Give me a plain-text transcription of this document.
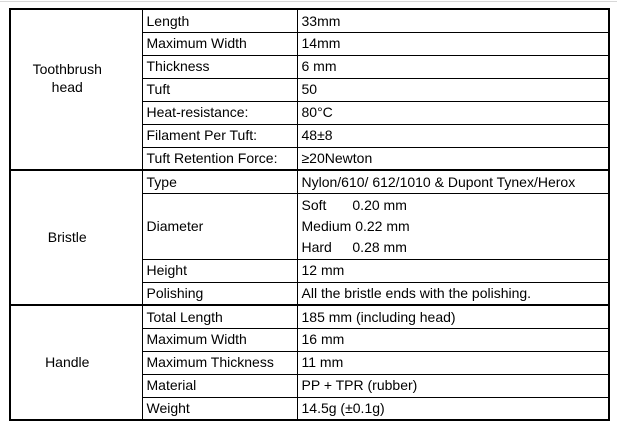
Toothbrush head	Length	33mm
	Maximum Width	14mm
	Thickness	6 mm
	Tuft	50
	Heat-resistance:	80°C
	Filament Per Tuft:	48±8
	Tuft Retention Force:	≥20Newton
Bristle	Type	Nylon/610/ 612/1010 & Dupont Tynex/Herox
	Diameter	Soft 0.20 mm
Medium 0.22 mm
Hard 0.28 mm

	Height	12 mm
	Polishing	All the bristle ends with the polishing.
Handle	Total Length	185 mm (including head)
	Maximum Width	16 mm
	Maximum Thickness	11 mm
	Material	PP + TPR (rubber)
	Weight	14.5g (±0.1g)
